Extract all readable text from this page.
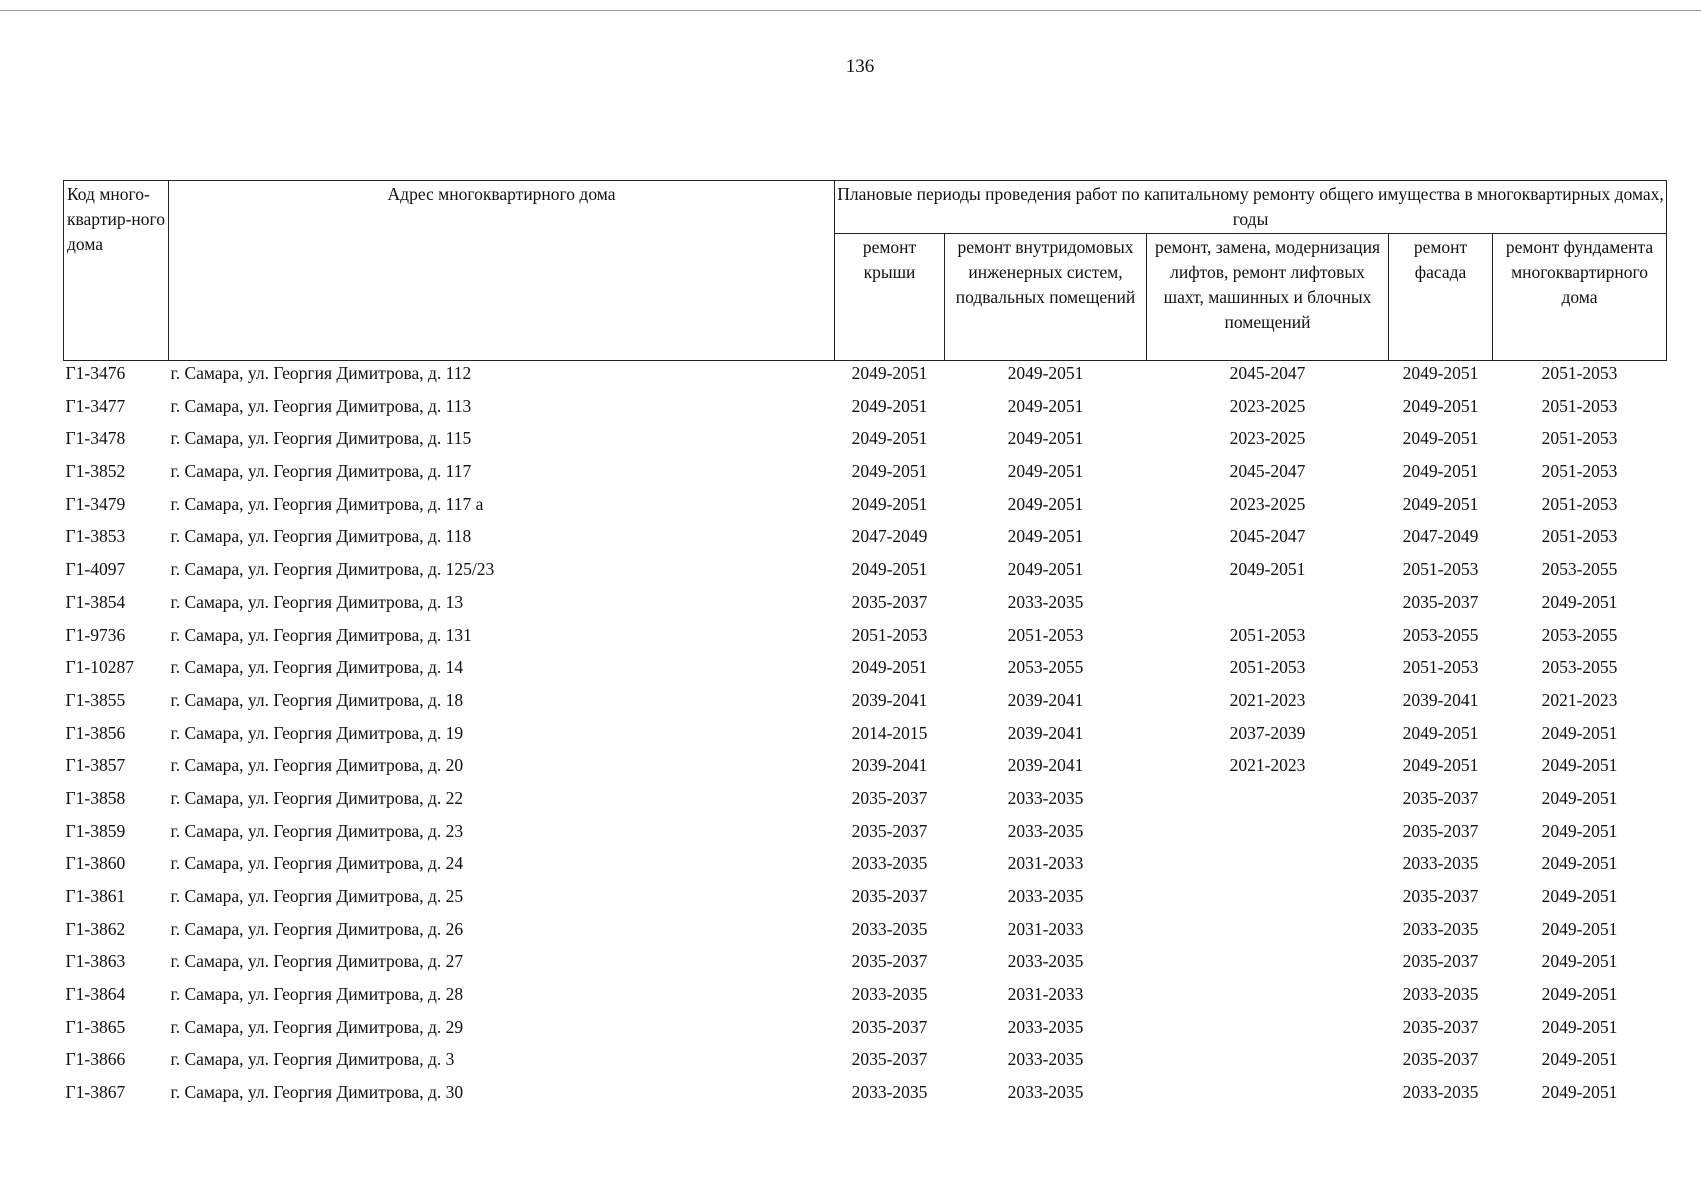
136
Код много-квартир-ного дома	Адрес многоквартирного дома	Плановые периоды проведения работ по капитальному ремонту общего имущества в многоквартирных домах, годы				
		ремонт крыши	ремонт внутридомовых инженерных систем, подвальных помещений	ремонт, замена, модернизация лифтов, ремонт лифтовых шахт, машинных и блочных помещений	ремонт фасада	ремонт фундамента многоквартирного дома
Г1-3476	г. Самара, ул. Георгия Димитрова, д. 112	2049-2051	2049-2051	2045-2047	2049-2051	2051-2053
Г1-3477	г. Самара, ул. Георгия Димитрова, д. 113	2049-2051	2049-2051	2023-2025	2049-2051	2051-2053
Г1-3478	г. Самара, ул. Георгия Димитрова, д. 115	2049-2051	2049-2051	2023-2025	2049-2051	2051-2053
Г1-3852	г. Самара, ул. Георгия Димитрова, д. 117	2049-2051	2049-2051	2045-2047	2049-2051	2051-2053
Г1-3479	г. Самара, ул. Георгия Димитрова, д. 117 а	2049-2051	2049-2051	2023-2025	2049-2051	2051-2053
Г1-3853	г. Самара, ул. Георгия Димитрова, д. 118	2047-2049	2049-2051	2045-2047	2047-2049	2051-2053
Г1-4097	г. Самара, ул. Георгия Димитрова, д. 125/23	2049-2051	2049-2051	2049-2051	2051-2053	2053-2055
Г1-3854	г. Самара, ул. Георгия Димитрова, д. 13	2035-2037	2033-2035		2035-2037	2049-2051
Г1-9736	г. Самара, ул. Георгия Димитрова, д. 131	2051-2053	2051-2053	2051-2053	2053-2055	2053-2055
Г1-10287	г. Самара, ул. Георгия Димитрова, д. 14	2049-2051	2053-2055	2051-2053	2051-2053	2053-2055
Г1-3855	г. Самара, ул. Георгия Димитрова, д. 18	2039-2041	2039-2041	2021-2023	2039-2041	2021-2023
Г1-3856	г. Самара, ул. Георгия Димитрова, д. 19	2014-2015	2039-2041	2037-2039	2049-2051	2049-2051
Г1-3857	г. Самара, ул. Георгия Димитрова, д. 20	2039-2041	2039-2041	2021-2023	2049-2051	2049-2051
Г1-3858	г. Самара, ул. Георгия Димитрова, д. 22	2035-2037	2033-2035		2035-2037	2049-2051
Г1-3859	г. Самара, ул. Георгия Димитрова, д. 23	2035-2037	2033-2035		2035-2037	2049-2051
Г1-3860	г. Самара, ул. Георгия Димитрова, д. 24	2033-2035	2031-2033		2033-2035	2049-2051
Г1-3861	г. Самара, ул. Георгия Димитрова, д. 25	2035-2037	2033-2035		2035-2037	2049-2051
Г1-3862	г. Самара, ул. Георгия Димитрова, д. 26	2033-2035	2031-2033		2033-2035	2049-2051
Г1-3863	г. Самара, ул. Георгия Димитрова, д. 27	2035-2037	2033-2035		2035-2037	2049-2051
Г1-3864	г. Самара, ул. Георгия Димитрова, д. 28	2033-2035	2031-2033		2033-2035	2049-2051
Г1-3865	г. Самара, ул. Георгия Димитрова, д. 29	2035-2037	2033-2035		2035-2037	2049-2051
Г1-3866	г. Самара, ул. Георгия Димитрова, д. 3	2035-2037	2033-2035		2035-2037	2049-2051
Г1-3867	г. Самара, ул. Георгия Димитрова, д. 30	2033-2035	2033-2035		2033-2035	2049-2051
